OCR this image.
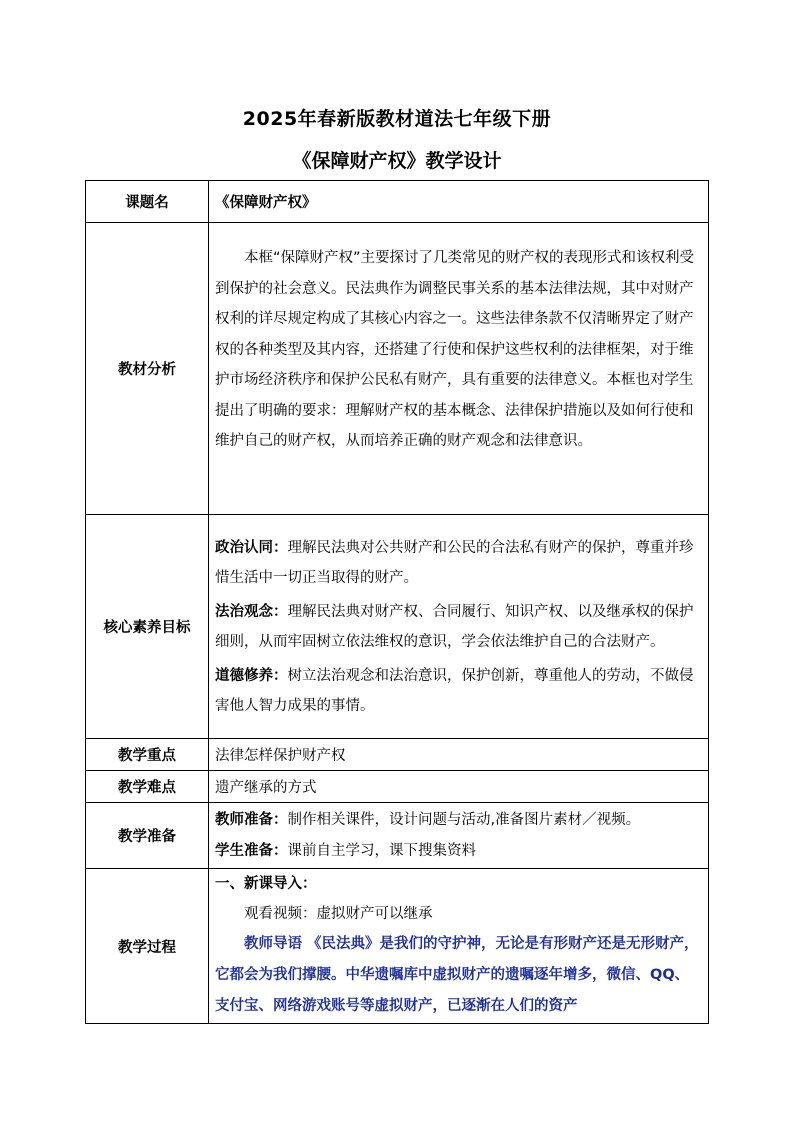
2025年春新版教材道法七年级下册
《保障财产权》教学设计
课题名	《保障财产权》
教材分析	本框“保障财产权”主要探讨了几类常见的财产权的表现形式和该权利受到保护的社会意义。民法典作为调整民事关系的基本法律法规，其中对财产权利的详尽规定构成了其核心内容之一。这些法律条款不仅清晰界定了财产权的各种类型及其内容，还搭建了行使和保护这些权利的法律框架，对于维护市场经济秩序和保护公民私有财产，具有重要的法律意义。本框也对学生提出了明确的要求：理解财产权的基本概念、法律保护措施以及如何行使和维护自己的财产权，从而培养正确的财产观念和法律意识。

核心素养目标	政治认同：理解民法典对公共财产和公民的合法私有财产的保护，尊重并珍惜生活中一切正当取得的财产。
法治观念：理解民法典对财产权、合同履行、知识产权、以及继承权的保护细则，从而牢固树立依法维权的意识，学会依法维护自己的合法财产。
道德修养：树立法治观念和法治意识，保护创新，尊重他人的劳动，不做侵害他人智力成果的事情。

教学重点	法律怎样保护财产权
教学难点	遗产继承的方式
教学准备	教师准备：制作相关课件，设计问题与活动,准备图片素材／视频。
学生准备：课前自主学习，课下搜集资料

教学过程	一、新课导入：
观看视频：虚拟财产可以继承
教师导语 《民法典》是我们的守护神，无论是有形财产还是无形财产，它都会为我们撑腰。中华遗嘱库中虚拟财产的遗嘱逐年增多，微信、QQ、支付宝、网络游戏账号等虚拟财产，已逐渐在人们的资产
